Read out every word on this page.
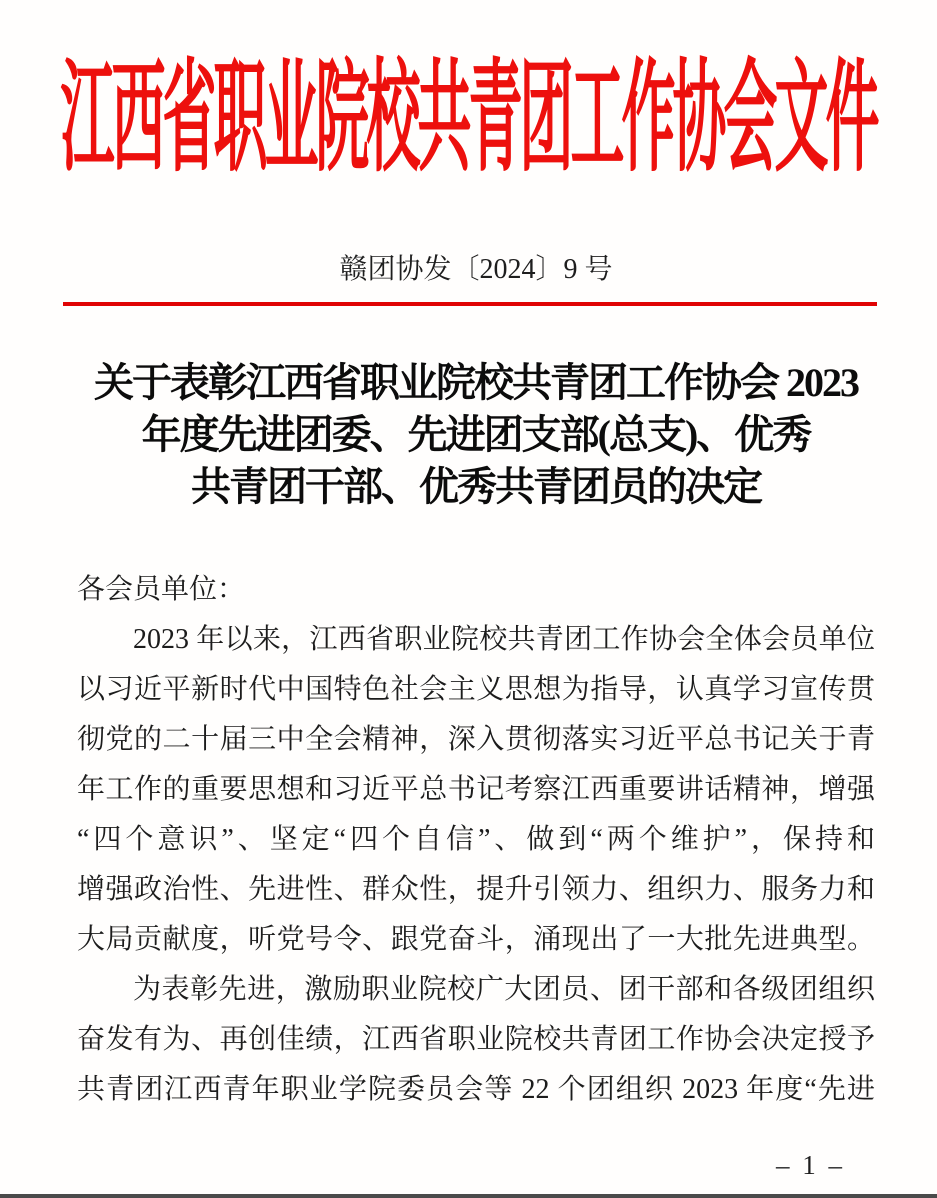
江西省职业院校共青团工作协会文件
赣团协发〔2024〕9 号
关于表彰江西省职业院校共青团工作协会 2023
年度先进团委、先进团支部(总支)、优秀
共青团干部、优秀共青团员的决定
各会员单位：
2023 年以来，江西省职业院校共青团工作协会全体会员单位
以习近平新时代中国特色社会主义思想为指导，认真学习宣传贯
彻党的二十届三中全会精神，深入贯彻落实习近平总书记关于青
年工作的重要思想和习近平总书记考察江西重要讲话精神，增强
“四个意识”、坚定“四个自信”、做到“两个维护”，保持和
增强政治性、先进性、群众性，提升引领力、组织力、服务力和
大局贡献度，听党号令、跟党奋斗，涌现出了一大批先进典型。
为表彰先进，激励职业院校广大团员、团干部和各级团组织
奋发有为、再创佳绩，江西省职业院校共青团工作协会决定授予
共青团江西青年职业学院委员会等 22 个团组织 2023 年度“先进
– 1 –
